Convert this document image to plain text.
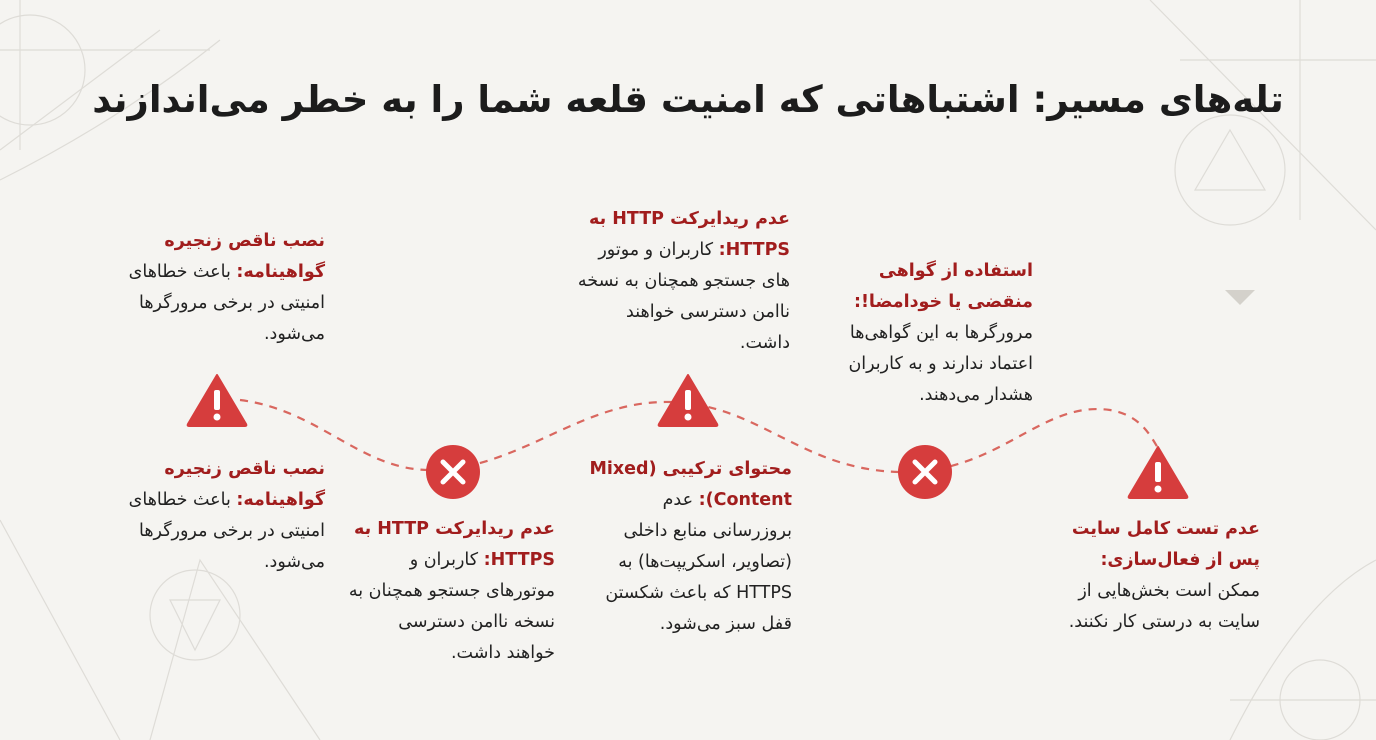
تله‌های مسیر: اشتباهاتی که امنیت قلعه شما را به خطر می‌اندازند
نصب ناقص زنجیره گواهینامه: باعث خطاهای امنیتی در برخی مرورگرها می‌شود.
نصب ناقص زنجیره گواهینامه: باعث خطاهای امنیتی در برخی مرورگرها می‌شود.
عدم ریدایرکت HTTP به HTTPS: کاربران و موتورهای جستجو همچنان به نسخه ناامن دسترسی خواهند داشت.
عدم ریدایرکت HTTP به HTTPS: کاربران و موتور های جستجو همچنان به نسخه ناامن دسترسی خواهند داشت.
محتوای ترکیبی (Mixed Content): عدم بروزرسانی منابع داخلی (تصاویر، اسکریپت‌ها) به HTTPS که باعث شکستن قفل سبز می‌شود.
استفاده از گواهی منقضی یا خودامضا!: مرورگرها به این گواهی‌ها اعتماد ندارند و به کاربران هشدار می‌دهند.
عدم تست کامل سایت پس از فعال‌سازی: ممکن است بخش‌هایی از سایت به درستی کار نکنند.
